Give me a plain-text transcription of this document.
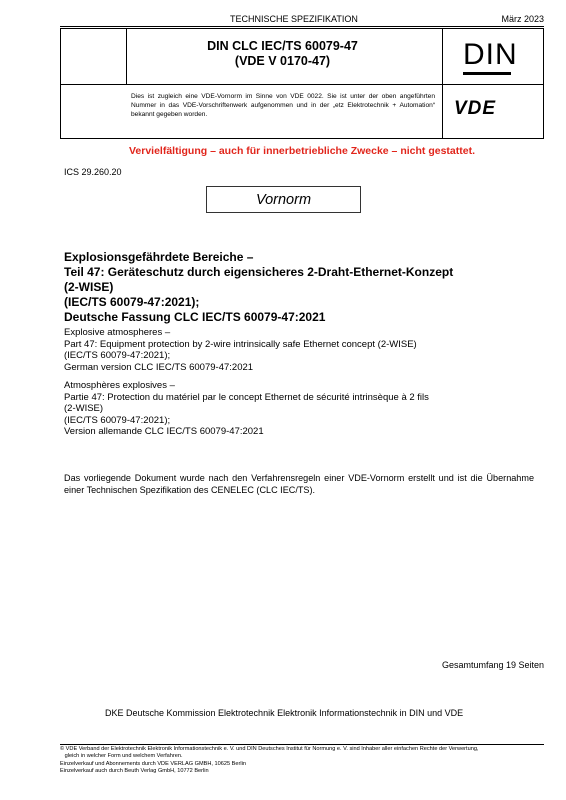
TECHNISCHE SPEZIFIKATION	März 2023
DIN CLC IEC/TS 60079-47
(VDE V 0170-47)	DIN
Dies ist zugleich eine VDE-Vornorm im Sinne von VDE 0022. Sie ist unter der oben angeführten Nummer in das VDE-Vorschriftenwerk aufgenommen und in der „etz Elektrotechnik + Automation“ bekannt gegeben worden.	VDE
Vervielfältigung – auch für innerbetriebliche Zwecke – nicht gestattet.
ICS 29.260.20
Vornorm
Explosionsgefährdete Bereiche –
Teil 47: Geräteschutz durch eigensicheres 2-Draht-Ethernet-Konzept
(2-WISE)
(IEC/TS 60079-47:2021);
Deutsche Fassung CLC IEC/TS 60079-47:2021
Explosive atmospheres –
Part 47: Equipment protection by 2-wire intrinsically safe Ethernet concept (2-WISE)
(IEC/TS 60079-47:2021);
German version CLC IEC/TS 60079-47:2021
Atmosphères explosives –
Partie 47: Protection du matériel par le concept Ethernet de sécurité intrinsèque à 2 fils
(2-WISE)
(IEC/TS 60079-47:2021);
Version allemande CLC IEC/TS 60079-47:2021
Das vorliegende Dokument wurde nach den Verfahrensregeln einer VDE-Vornorm erstellt und ist die Übernahme einer Technischen Spezifikation des CENELEC (CLC IEC/TS).
Gesamtumfang 19 Seiten
DKE Deutsche Kommission Elektrotechnik Elektronik Informationstechnik in DIN und VDE
© VDE Verband der Elektrotechnik Elektronik Informationstechnik e. V. und DIN Deutsches Institut für Normung e. V. sind Inhaber aller einfachen Rechte der Verwertung,
gleich in welcher Form und welchem Verfahren.
Einzelverkauf und Abonnements durch VDE VERLAG GMBH, 10625 Berlin
Einzelverkauf auch durch Beuth Verlag GmbH, 10772 Berlin
